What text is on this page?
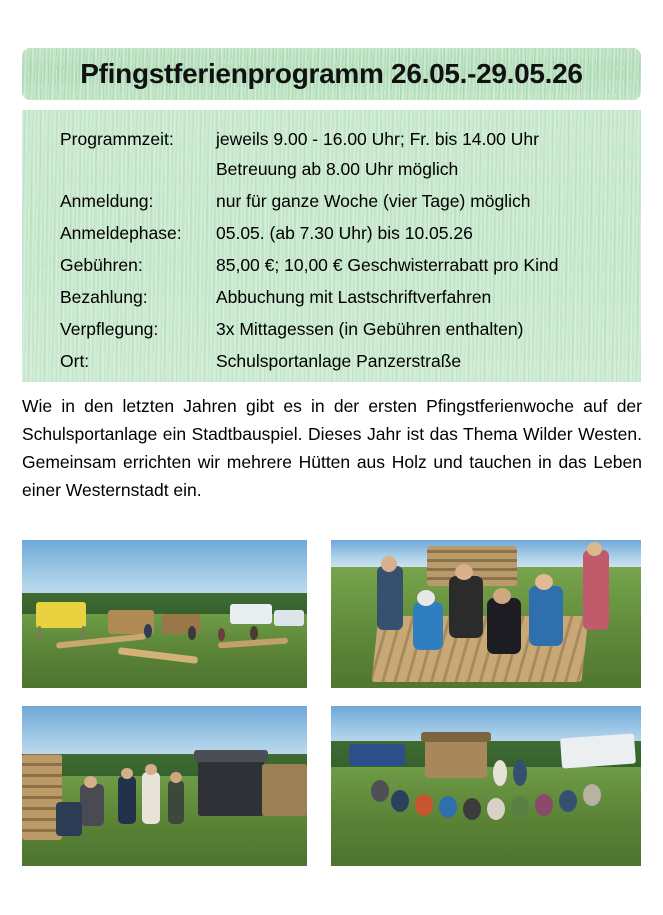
Pfingstferienprogramm 26.05.-29.05.26
Programmzeit:	jeweils 9.00 - 16.00 Uhr; Fr. bis 14.00 Uhr
Betreuung ab 8.00 Uhr möglich
Anmeldung:	nur für ganze Woche (vier Tage) möglich
Anmeldephase:	05.05. (ab 7.30 Uhr) bis 10.05.26
Gebühren:	85,00 €; 10,00 € Geschwisterrabatt pro Kind
Bezahlung:	Abbuchung mit Lastschriftverfahren
Verpflegung:	3x Mittagessen (in Gebühren enthalten)
Ort:	Schulsportanlage Panzerstraße
Wie in den letzten Jahren gibt es in der ersten Pfingstferienwoche auf der Schulsportanlage ein Stadtbauspiel. Dieses Jahr ist das Thema Wilder Westen. Gemeinsam errichten wir mehrere Hütten aus Holz und tauchen in das Leben einer Westernstadt ein.
